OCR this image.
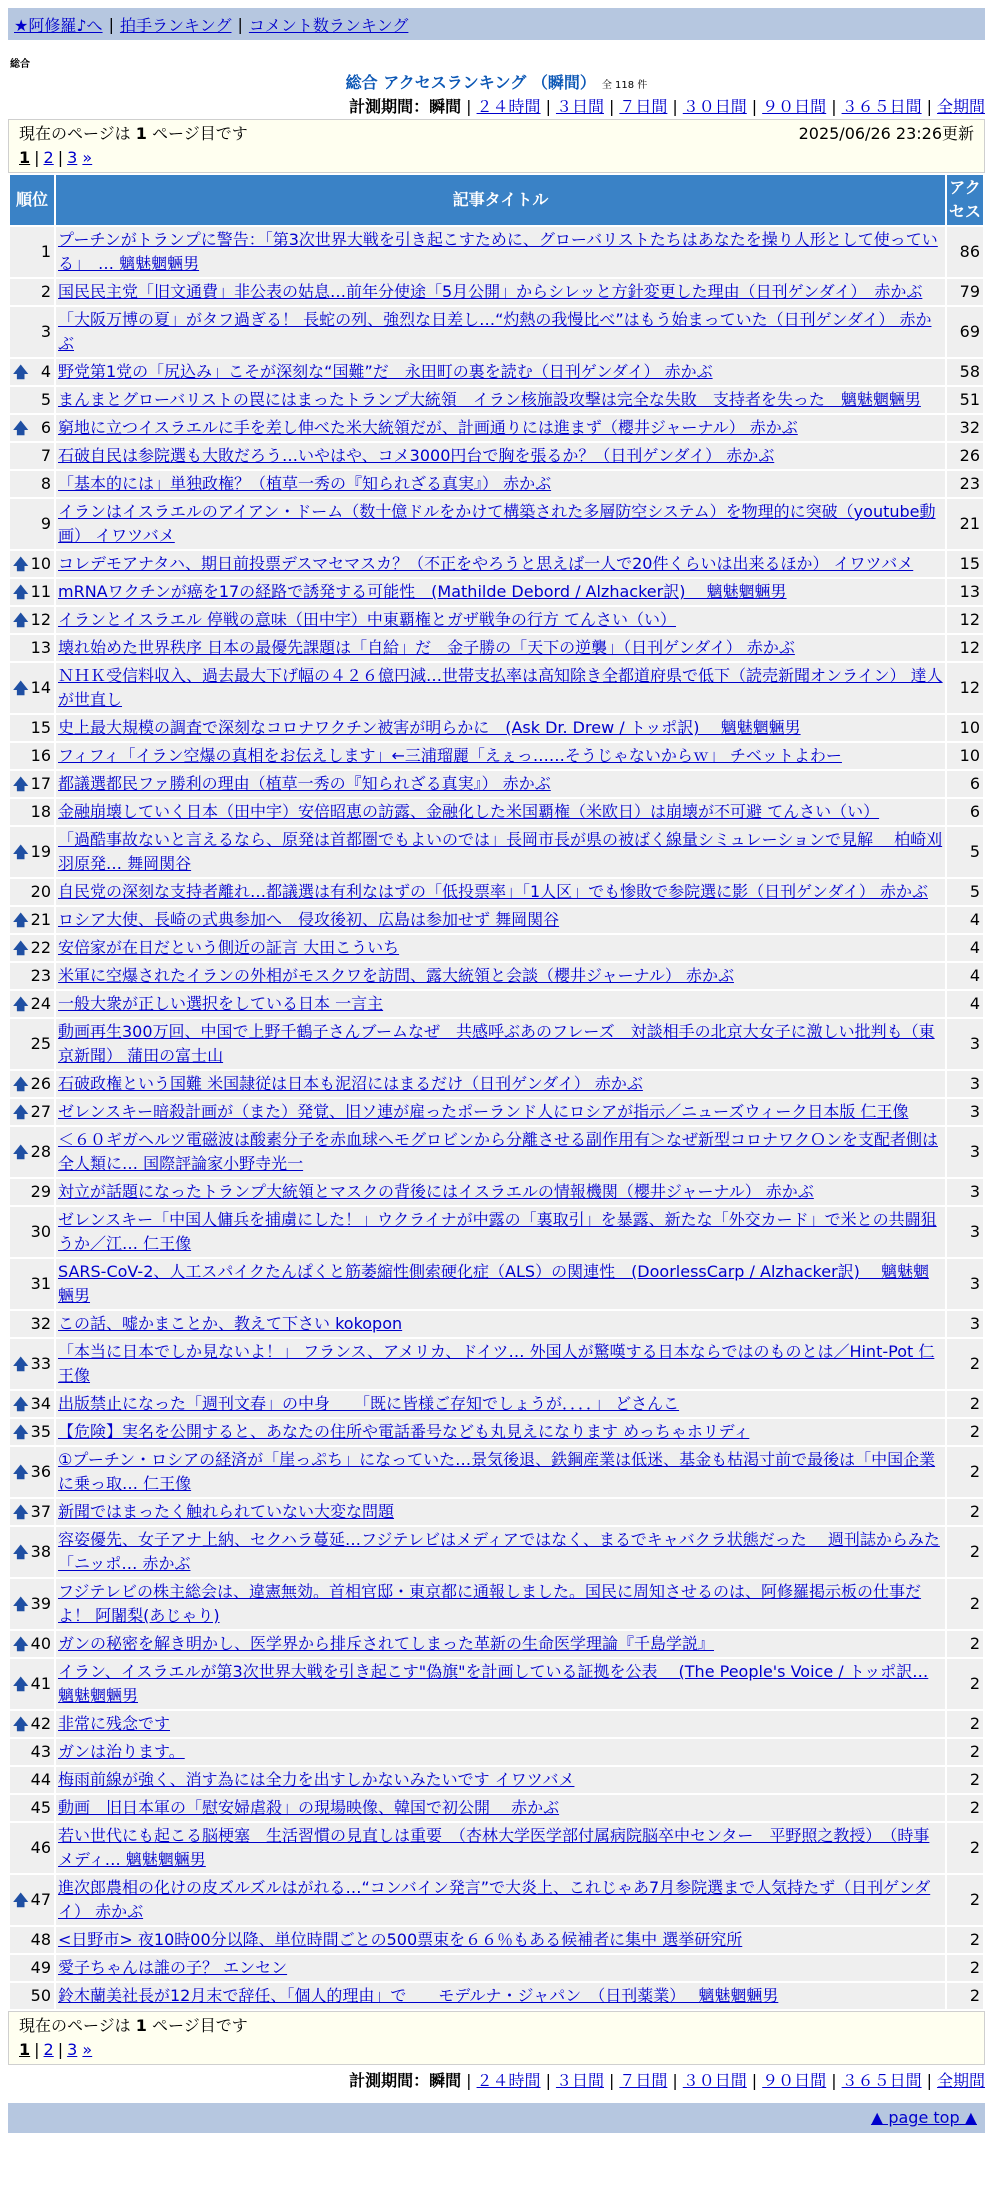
★阿修羅♪へ | 拍手ランキング | コメント数ランキング
総合
総合 アクセスランキング （瞬間） 全 118 件
計測期間：瞬間 | ２４時間 | ３日間 | ７日間 | ３０日間 | ９０日間 | ３６５日間 | 全期間
現在のページは 1 ページ目です	2025/06/26 23:26更新
1 | 2 | 3 »
順位	記事タイトル	アクセス
1	プーチンがトランプに警告：「第3次世界大戦を引き起こすために、グローバリストたちはあなたを操り人形として使っている」　… 魑魅魍魎男	86
2	国民民主党「旧文通費」非公表の姑息…前年分使途「5月公開」からシレッと方針変更した理由（日刊ゲンダイ）　赤かぶ	79
3	「大阪万博の夏」がタフ過ぎる！ 長蛇の列、強烈な日差し…“灼熱の我慢比べ”はもう始まっていた（日刊ゲンダイ） 赤かぶ	69

🡅 4	野党第1党の「尻込み」こそが深刻な“国難”だ　永田町の裏を読む（日刊ゲンダイ） 赤かぶ	58
5	まんまとグローバリストの罠にはまったトランプ大統領　イラン核施設攻撃は完全な失敗　支持者を失った　魑魅魍魎男	51

🡅 6	窮地に立つイスラエルに手を差し伸べた米大統領だが、計画通りには進まず（櫻井ジャーナル） 赤かぶ	32
7	石破自民は参院選も大敗だろう…いやはや、コメ3000円台で胸を張るか？（日刊ゲンダイ） 赤かぶ	26
8	「基本的には」単独政権？（植草一秀の『知られざる真実』） 赤かぶ	23
9	イランはイスラエルのアイアン・ドーム（数十億ドルをかけて構築された多層防空システム）を物理的に突破（youtube動画） イワツバメ	21

🡅 10	コレデモアナタハ、期日前投票デスマセマスカ？（不正をやろうと思えば一人で20件くらいは出来るほか） イワツバメ	15

🡅 11	mRNAワクチンが癌を17の経路で誘発する可能性　(Mathilde Debord / Alzhacker訳)　 魑魅魍魎男	13

🡅 12	イランとイスラエル 停戦の意味（田中宇）中東覇権とガザ戦争の行方 てんさい（い）	12
13	壊れ始めた世界秩序 日本の最優先課題は「自給」だ　金子勝の「天下の逆襲」（日刊ゲンダイ） 赤かぶ	12

🡅 14	ＮＨＫ受信料収入、過去最大下げ幅の４２６億円減…世帯支払率は高知除き全都道府県で低下（読売新聞オンライン） 達人が世直し	12
15	史上最大規模の調査で深刻なコロナワクチン被害が明らかに　(Ask Dr. Drew / トッポ訳)　 魑魅魍魎男	10
16	フィフィ「イラン空爆の真相をお伝えします」←三浦瑠麗「えぇっ……そうじゃないからｗ」 チベットよわー	10

🡅 17	都議選都民ファ勝利の理由（植草一秀の『知られざる真実』） 赤かぶ	6
18	金融崩壊していく日本（田中宇）安倍昭恵の訪露、金融化した米国覇権（米欧日）は崩壊が不可避 てんさい（い）	6

🡅 19	「過酷事故ないと言えるなら、原発は首都圏でもよいのでは」長岡市長が県の被ばく線量シミュレーションで見解　 柏崎刈羽原発… 舞岡関谷	5
20	自民党の深刻な支持者離れ…都議選は有利なはずの「低投票率」「1人区」でも惨敗で参院選に影（日刊ゲンダイ） 赤かぶ	5

🡅 21	ロシア大使、長崎の式典参加へ　侵攻後初、広島は参加せず 舞岡関谷	4

🡅 22	安倍家が在日だという側近の証言 大田こういち	4
23	米軍に空爆されたイランの外相がモスクワを訪問、露大統領と会談（櫻井ジャーナル） 赤かぶ	4

🡅 24	一般大衆が正しい選択をしている日本 一言主	4
25	動画再生300万回、中国で上野千鶴子さんブームなぜ　共感呼ぶあのフレーズ　対談相手の北京大女子に激しい批判も（東京新聞） 蒲田の富士山	3

🡅 26	石破政権という国難 米国隷従は日本も泥沼にはまるだけ（日刊ゲンダイ） 赤かぶ	3

🡅 27	ゼレンスキー暗殺計画が（また）発覚、旧ソ連が雇ったポーランド人にロシアが指示／ニューズウィーク日本版 仁王像	3

🡅 28	＜６０ギガヘルツ電磁波は酸素分子を赤血球ヘモグロビンから分離させる副作用有＞なぜ新型コロナワクＯンを支配者側は全人類に… 国際評論家小野寺光一	3
29	対立が話題になったトランプ大統領とマスクの背後にはイスラエルの情報機関（櫻井ジャーナル） 赤かぶ	3
30	ゼレンスキー「中国人傭兵を捕虜にした！」ウクライナが中露の「裏取引」を暴露、新たな「外交カード」で米との共闘狙うか／江… 仁王像	3
31	SARS-CoV-2、人工スパイクたんぱくと筋萎縮性側索硬化症（ALS）の関連性　(DoorlessCarp / Alzhacker訳)　 魑魅魍魎男	3
32	この話、嘘かまことか、教えて下さい kokopon	3

🡅 33	「本当に日本でしか見ないよ！」 フランス、アメリカ、ドイツ… 外国人が驚嘆する日本ならではのものとは／Hint-Pot 仁王像	2

🡅 34	出版禁止になった「週刊文春」の中身　　「既に皆様ご存知でしょうが．．．．」 どさんこ	2

🡅 35	【危険】実名を公開すると、あなたの住所や電話番号なども丸見えになります めっちゃホリディ	2

🡅 36	①プーチン・ロシアの経済が「崖っぷち」になっていた…景気後退、鉄鋼産業は低迷、基金も枯渇寸前で最後は「中国企業に乗っ取… 仁王像	2

🡅 37	新聞ではまったく触れられていない大変な問題	2

🡅 38	容姿優先、女子アナ上納、セクハラ蔓延…フジテレビはメディアではなく、まるでキャバクラ状態だった　 週刊誌からみた「ニッポ… 赤かぶ	2

🡅 39	フジテレビの株主総会は、違憲無効。首相官邸・東京都に通報しました。国民に周知させるのは、阿修羅掲示板の仕事だよ！ 阿闍梨(あじゃり)	2

🡅 40	ガンの秘密を解き明かし、医学界から排斥されてしまった革新の生命医学理論『千島学説』	2

🡅 41	イラン、イスラエルが第3次世界大戦を引き起こす"偽旗"を計画している証拠を公表　 (The People's Voice / トッポ訳… 魑魅魍魎男	2

🡅 42	非常に残念です	2
43	ガンは治ります。	2
44	梅雨前線が強く、消す為には全力を出すしかないみたいです イワツバメ	2
45	動画　旧日本軍の「慰安婦虐殺」の現場映像、韓国で初公開　 赤かぶ	2
46	若い世代にも起こる脳梗塞　生活習慣の見直しは重要　（杏林大学医学部付属病院脳卒中センター　平野照之教授）　（時事メディ… 魑魅魍魎男	2

🡅 47	進次郎農相の化けの皮ズルズルはがれる…“コンバイン発言”で大炎上、これじゃあ7月参院選まで人気持たず（日刊ゲンダイ） 赤かぶ	2
48	<日野市> 夜10時00分以降、単位時間ごとの500票束を６６％もある候補者に集中 選挙研究所	2
49	愛子ちゃんは誰の子？ エンセン	2
50	鈴木蘭美社長が12月末で辞任、「個人的理由」で　　モデルナ・ジャパン　（日刊薬業）　 魑魅魍魎男	2
現在のページは 1 ページ目です
1 | 2 | 3 »
計測期間：瞬間 | ２４時間 | ３日間 | ７日間 | ３０日間 | ９０日間 | ３６５日間 | 全期間
▲ page top ▲
